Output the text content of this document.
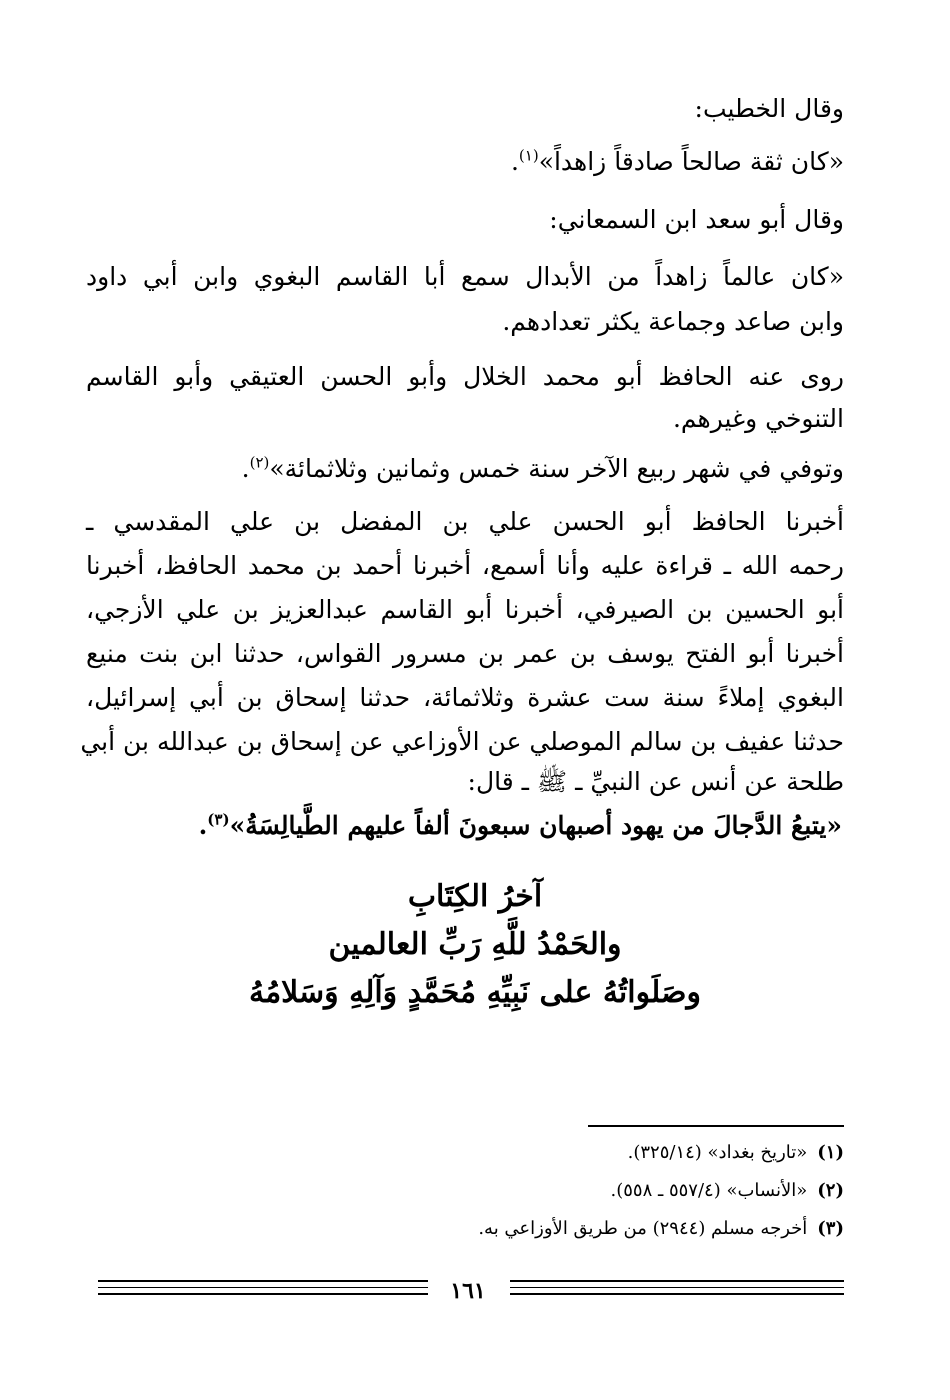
وقال الخطيب:
«كان ثقة صالحاً صادقاً زاهداً»$^{(١)}$.
وقال أبو سعد ابن السمعاني:
«كان عالماً زاهداً من الأبدال سمع أبا القاسم البغوي وابن أبي داود
وابن صاعد وجماعة يكثر تعدادهم.
روى عنه الحافظ أبو محمد الخلال وأبو الحسن العتيقي وأبو القاسم
التنوخي وغيرهم.
وتوفي في شهر ربيع الآخر سنة خمس وثمانين وثلاثمائة»$^{(٢)}$.
أخبرنا الحافظ أبو الحسن علي بن المفضل بن علي المقدسي ـ
رحمه الله ـ قراءة عليه وأنا أسمع، أخبرنا أحمد بن محمد الحافظ، أخبرنا
أبو الحسين بن الصيرفي، أخبرنا أبو القاسم عبدالعزيز بن علي الأزجي،
أخبرنا أبو الفتح يوسف بن عمر بن مسرور القواس، حدثنا ابن بنت منيع
البغوي إملاءً سنة ست عشرة وثلاثمائة، حدثنا إسحاق بن أبي إسرائيل،
حدثنا عفيف بن سالم الموصلي عن الأوزاعي عن إسحاق بن عبدالله بن أبي
طلحة عن أنس عن النبيِّ ـ ﷺ ـ قال:
«يتبعُ الدَّجالَ من يهود أصبهان سبعونَ ألفاً عليهم الطَّيالِسَةُ»$^{(٣)}$.
آخرُ الكِتَابِ
والحَمْدُ للَّهِ رَبِّ العالمين
وصَلَواتُهُ على نَبِيِّهِ مُحَمَّدٍ وَآلِهِ وَسَلامُهُ
(١)«تاريخ بغداد» (٣٢٥/١٤).
(٢)«الأنساب» (٥٥٧/٤ ـ ٥٥٨).
(٣)أخرجه مسلم (٢٩٤٤) من طريق الأوزاعي به.
١٦١
